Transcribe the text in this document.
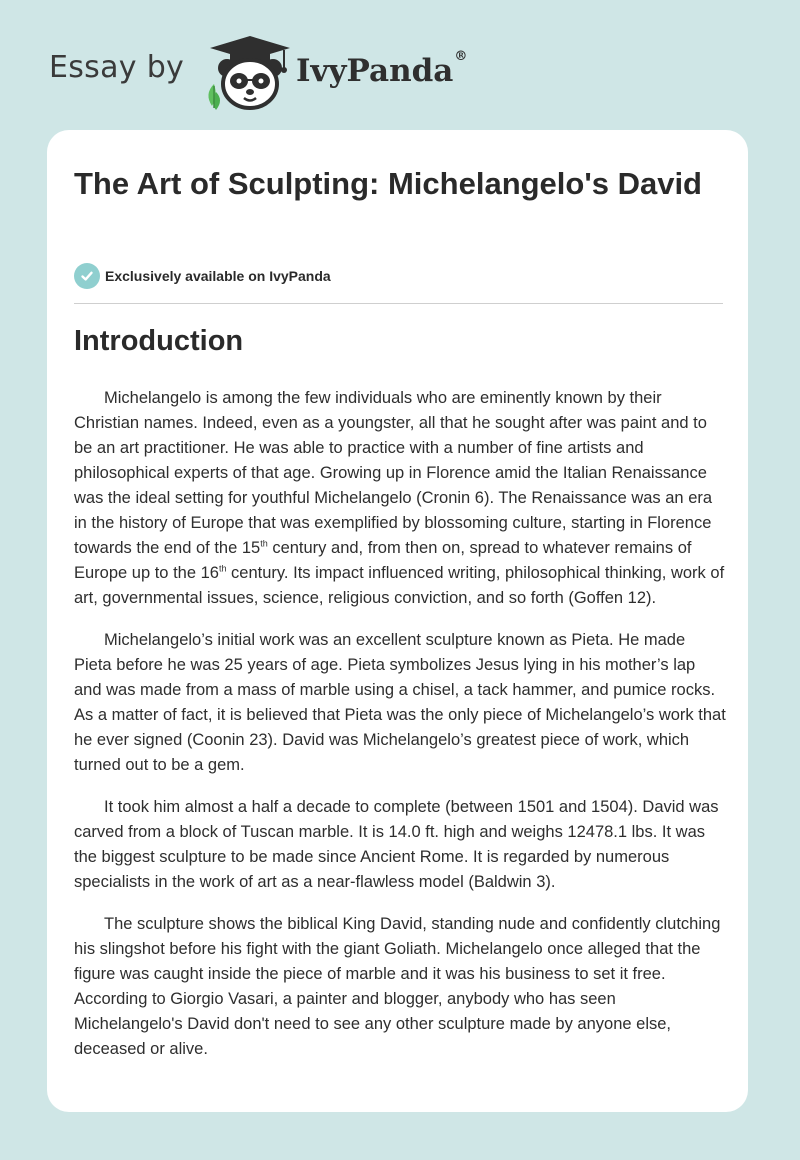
Essay by	IvyPanda®
The Art of Sculpting: Michelangelo's David
Exclusively available on IvyPanda
Introduction

Michelangelo is among the few individuals who are eminently known by their Christian names. Indeed, even as a youngster, all that he sought after was paint and to be an art practitioner. He was able to practice with a number of fine artists and philosophical experts of that age. Growing up in Florence amid the Italian Renaissance was the ideal setting for youthful Michelangelo (Cronin 6). The Renaissance was an era in the history of Europe that was exemplified by blossoming culture, starting in Florence towards the end of the 15th century and, from then on, spread to whatever remains of Europe up to the 16th century. Its impact influenced writing, philosophical thinking, work of art, governmental issues, science, religious conviction, and so forth (Goffen 12).

Michelangelo’s initial work was an excellent sculpture known as Pieta. He made Pieta before he was 25 years of age. Pieta symbolizes Jesus lying in his mother’s lap and was made from a mass of marble using a chisel, a tack hammer, and pumice rocks. As a matter of fact, it is believed that Pieta was the only piece of Michelangelo’s work that he ever signed (Coonin 23). David was Michelangelo’s greatest piece of work, which turned out to be a gem.

It took him almost a half a decade to complete (between 1501 and 1504). David was carved from a block of Tuscan marble. It is 14.0 ft. high and weighs 12478.1 lbs. It was the biggest sculpture to be made since Ancient Rome. It is regarded by numerous specialists in the work of art as a near-flawless model (Baldwin 3).

The sculpture shows the biblical King David, standing nude and confidently clutching his slingshot before his fight with the giant Goliath. Michelangelo once alleged that the figure was caught inside the piece of marble and it was his business to set it free. According to Giorgio Vasari, a painter and blogger, anybody who has seen Michelangelo's David don't need to see any other sculpture made by anyone else, deceased or alive.
